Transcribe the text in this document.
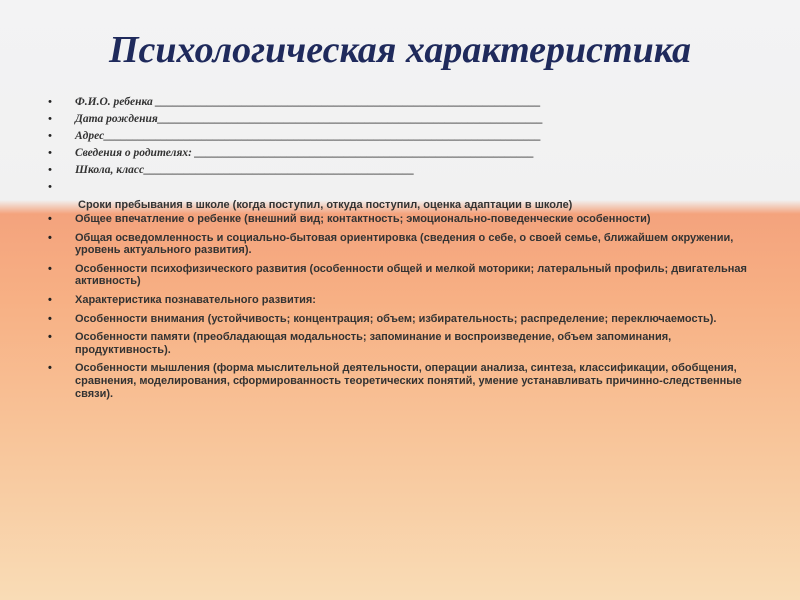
Психологическая характеристика
• Ф.И.О. ребенка ___________________________________________________________________
• Дата рождения___________________________________________________________________
• Адрес____________________________________________________________________________
• Сведения о родителях: ___________________________________________________________
• Школа, класс_______________________________________________
•
Сроки пребывания в школе (когда поступил, откуда поступил, оценка адаптации в школе)
• Общее впечатление о ребенке (внешний вид; контактность; эмоционально-поведенческие особенности)
• Общая осведомленность и социально-бытовая ориентировка (сведения о себе, о своей семье, ближайшем окружении, уровень актуального развития).
• Особенности психофизического развития (особенности общей и мелкой моторики; латеральный профиль; двигательная активность)
• Характеристика познавательного развития:
• Особенности внимания (устойчивость; концентрация; объем; избирательность; распределение; переключаемость).
• Особенности памяти (преобладающая модальность; запоминание и воспроизведение, объем запоминания, продуктивность).
• Особенности мышления (форма мыслительной деятельности, операции анализа, синтеза, классификации, обобщения, сравнения, моделирования, сформированность теоретических понятий, умение устанавливать причинно-следственные связи).
